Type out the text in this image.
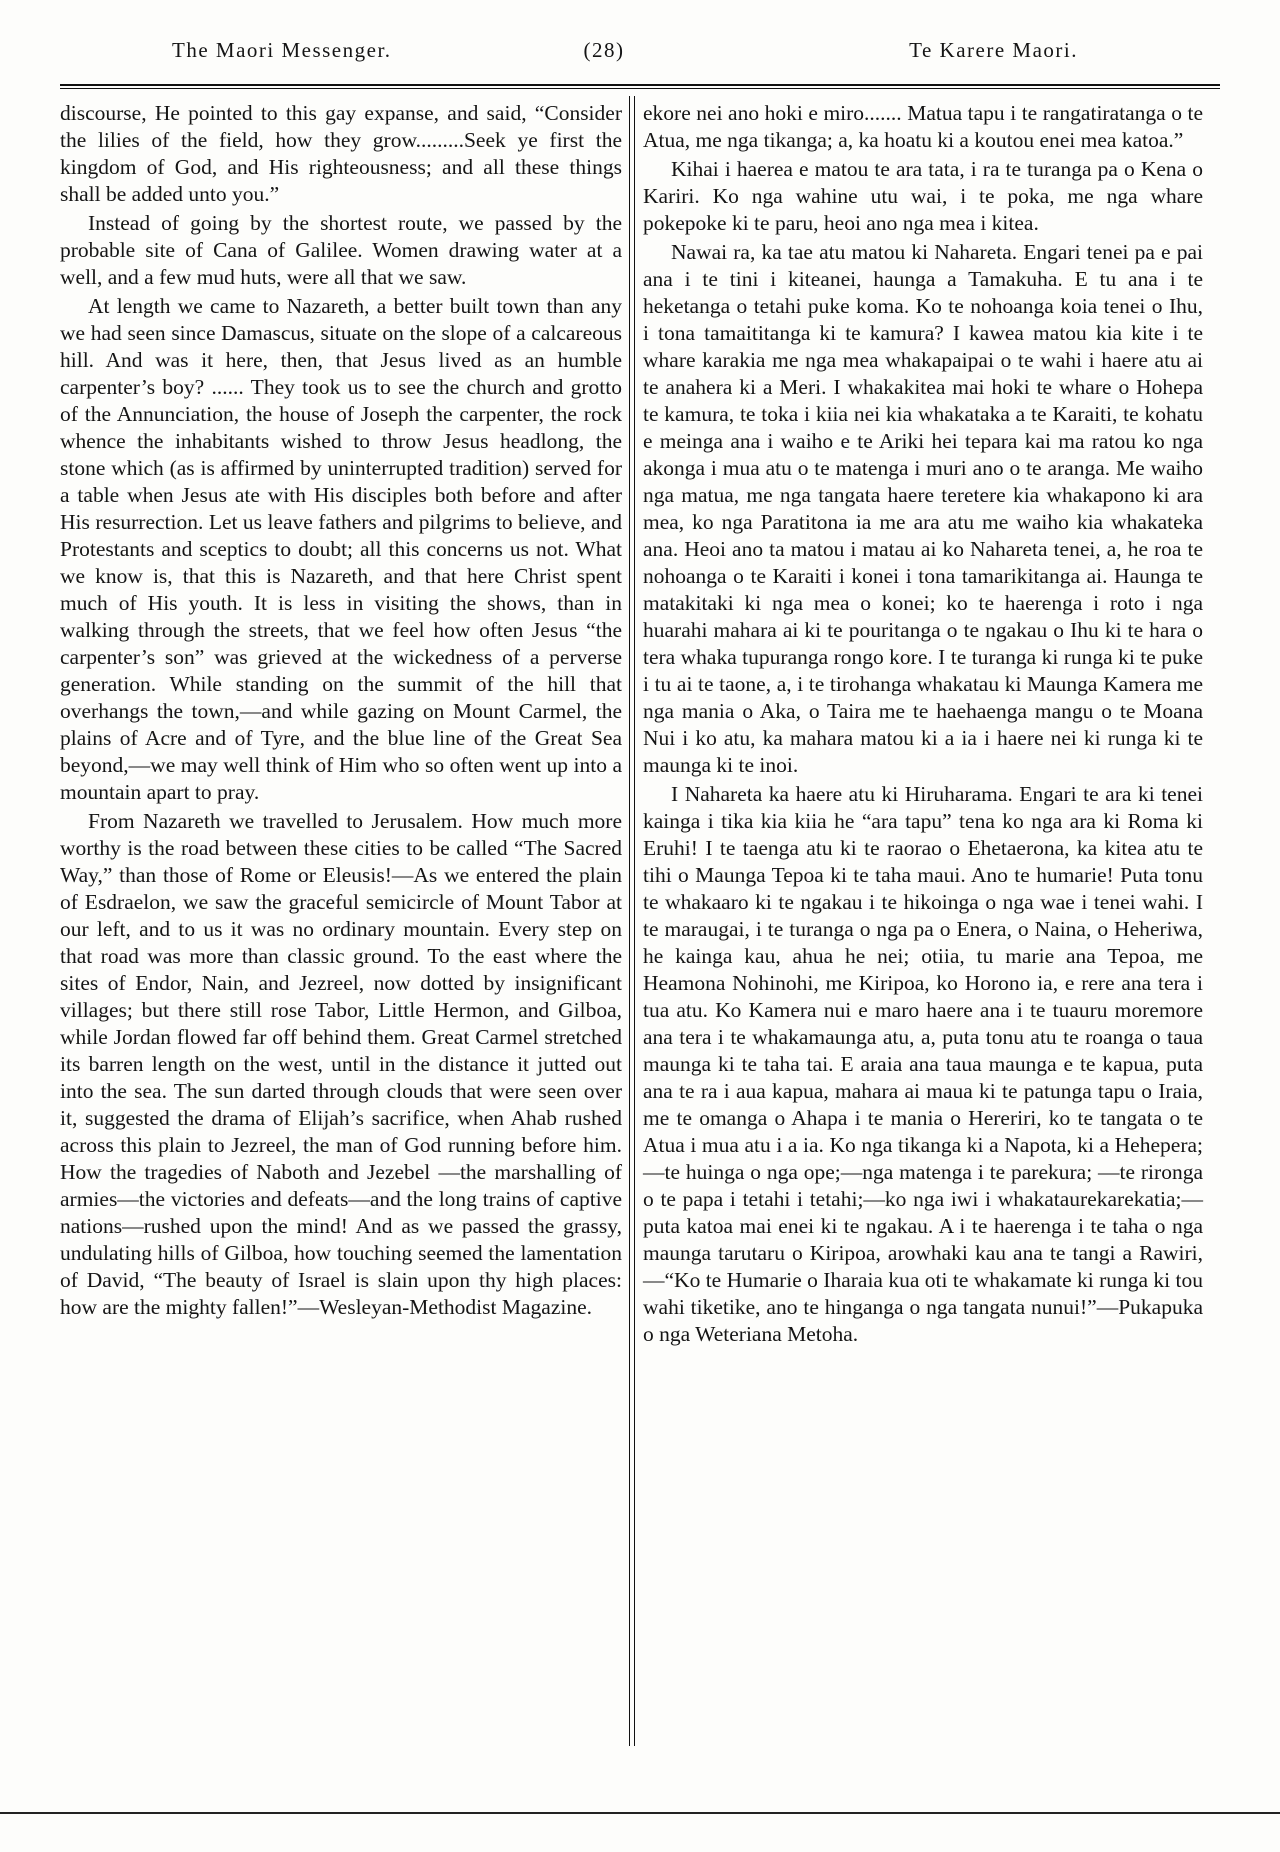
The Maori Messenger.	(28)	Te Karere Maori.

discourse, He pointed to this gay expanse, and said, “Consider the lilies of the field, how they grow.........Seek ye first the kingdom of God, and His righteousness; and all these things shall be added unto you.”

Instead of going by the shortest route, we passed by the probable site of Cana of Galilee. Women drawing water at a well, and a few mud huts, were all that we saw.

At length we came to Nazareth, a better built town than any we had seen since Damascus, situate on the slope of a calcareous hill. And was it here, then, that Jesus lived as an humble carpenter’s boy? ...... They took us to see the church and grotto of the Annunciation, the house of Joseph the carpenter, the rock whence the inhabitants wished to throw Jesus headlong, the stone which (as is affirmed by uninterrupted tradition) served for a table when Jesus ate with His disciples both before and after His resurrection. Let us leave fathers and pilgrims to believe, and Protestants and sceptics to doubt; all this concerns us not. What we know is, that this is Nazareth, and that here Christ spent much of His youth. It is less in visiting the shows, than in walking through the streets, that we feel how often Jesus “the carpenter’s son” was grieved at the wickedness of a perverse generation. While standing on the summit of the hill that overhangs the town,—and while gazing on Mount Carmel, the plains of Acre and of Tyre, and the blue line of the Great Sea beyond,—we may well think of Him who so often went up into a mountain apart to pray.

From Nazareth we travelled to Jerusalem. How much more worthy is the road between these cities to be called “The Sacred Way,” than those of Rome or Eleusis!—As we entered the plain of Esdraelon, we saw the graceful semicircle of Mount Tabor at our left, and to us it was no ordinary mountain. Every step on that road was more than classic ground. To the east where the sites of Endor, Nain, and Jezreel, now dotted by insignificant villages; but there still rose Tabor, Little Hermon, and Gilboa, while Jordan flowed far off behind them. Great Carmel stretched its barren length on the west, until in the distance it jutted out into the sea. The sun darted through clouds that were seen over it, suggested the drama of Elijah’s sacrifice, when Ahab rushed across this plain to Jezreel, the man of God running before him. How the tragedies of Naboth and Jezebel —the marshalling of armies—the victories and defeats—and the long trains of captive nations—rushed upon the mind! And as we passed the grassy, undulating hills of Gilboa, how touching seemed the lamentation of David, “The beauty of Israel is slain upon thy high places: how are the mighty fallen!”—Wesleyan-Methodist Magazine.

ekore nei ano hoki e miro....... Matua tapu i te rangatiratanga o te Atua, me nga tikanga; a, ka hoatu ki a koutou enei mea katoa.”

Kihai i haerea e matou te ara tata, i ra te turanga pa o Kena o Kariri. Ko nga wahine utu wai, i te poka, me nga whare pokepoke ki te paru, heoi ano nga mea i kitea.

Nawai ra, ka tae atu matou ki Nahareta. Engari tenei pa e pai ana i te tini i kiteanei, haunga a Tamakuha. E tu ana i te heketanga o tetahi puke koma. Ko te nohoanga koia tenei o Ihu, i tona tamaititanga ki te kamura? I kawea matou kia kite i te whare karakia me nga mea whakapaipai o te wahi i haere atu ai te anahera ki a Meri. I whakakitea mai hoki te whare o Hohepa te kamura, te toka i kiia nei kia whakataka a te Karaiti, te kohatu e meinga ana i waiho e te Ariki hei tepara kai ma ratou ko nga akonga i mua atu o te matenga i muri ano o te aranga. Me waiho nga matua, me nga tangata haere teretere kia whakapono ki ara mea, ko nga Paratitona ia me ara atu me waiho kia whakateka ana. Heoi ano ta matou i matau ai ko Nahareta tenei, a, he roa te nohoanga o te Karaiti i konei i tona tamarikitanga ai. Haunga te matakitaki ki nga mea o konei; ko te haerenga i roto i nga huarahi mahara ai ki te pouritanga o te ngakau o Ihu ki te hara o tera whaka tupuranga rongo kore. I te turanga ki runga ki te puke i tu ai te taone, a, i te tirohanga whakatau ki Maunga Kamera me nga mania o Aka, o Taira me te haehaenga mangu o te Moana Nui i ko atu, ka mahara matou ki a ia i haere nei ki runga ki te maunga ki te inoi.

I Nahareta ka haere atu ki Hiruharama. Engari te ara ki tenei kainga i tika kia kiia he “ara tapu” tena ko nga ara ki Roma ki Eruhi! I te taenga atu ki te raorao o Ehetaerona, ka kitea atu te tihi o Maunga Tepoa ki te taha maui. Ano te humarie! Puta tonu te whakaaro ki te ngakau i te hikoinga o nga wae i tenei wahi. I te maraugai, i te turanga o nga pa o Enera, o Naina, o Heheriwa, he kainga kau, ahua he nei; otiia, tu marie ana Tepoa, me Heamona Nohinohi, me Kiripoa, ko Horono ia, e rere ana tera i tua atu. Ko Kamera nui e maro haere ana i te tuauru moremore ana tera i te whakamaunga atu, a, puta tonu atu te roanga o taua maunga ki te taha tai. E araia ana taua maunga e te kapua, puta ana te ra i aua kapua, mahara ai maua ki te patunga tapu o Iraia, me te omanga o Ahapa i te mania o Hereriri, ko te tangata o te Atua i mua atu i a ia. Ko nga tikanga ki a Napota, ki a Hehepera; —te huinga o nga ope;—nga matenga i te parekura; —te rironga o te papa i tetahi i tetahi;—ko nga iwi i whakataurekarekatia;—puta katoa mai enei ki te ngakau. A i te haerenga i te taha o nga maunga tarutaru o Kiripoa, arowhaki kau ana te tangi a Rawiri,—“Ko te Humarie o Iharaia kua oti te whakamate ki runga ki tou wahi tiketike, ano te hinganga o nga tangata nunui!”—Pukapuka o nga Weteriana Metoha.
